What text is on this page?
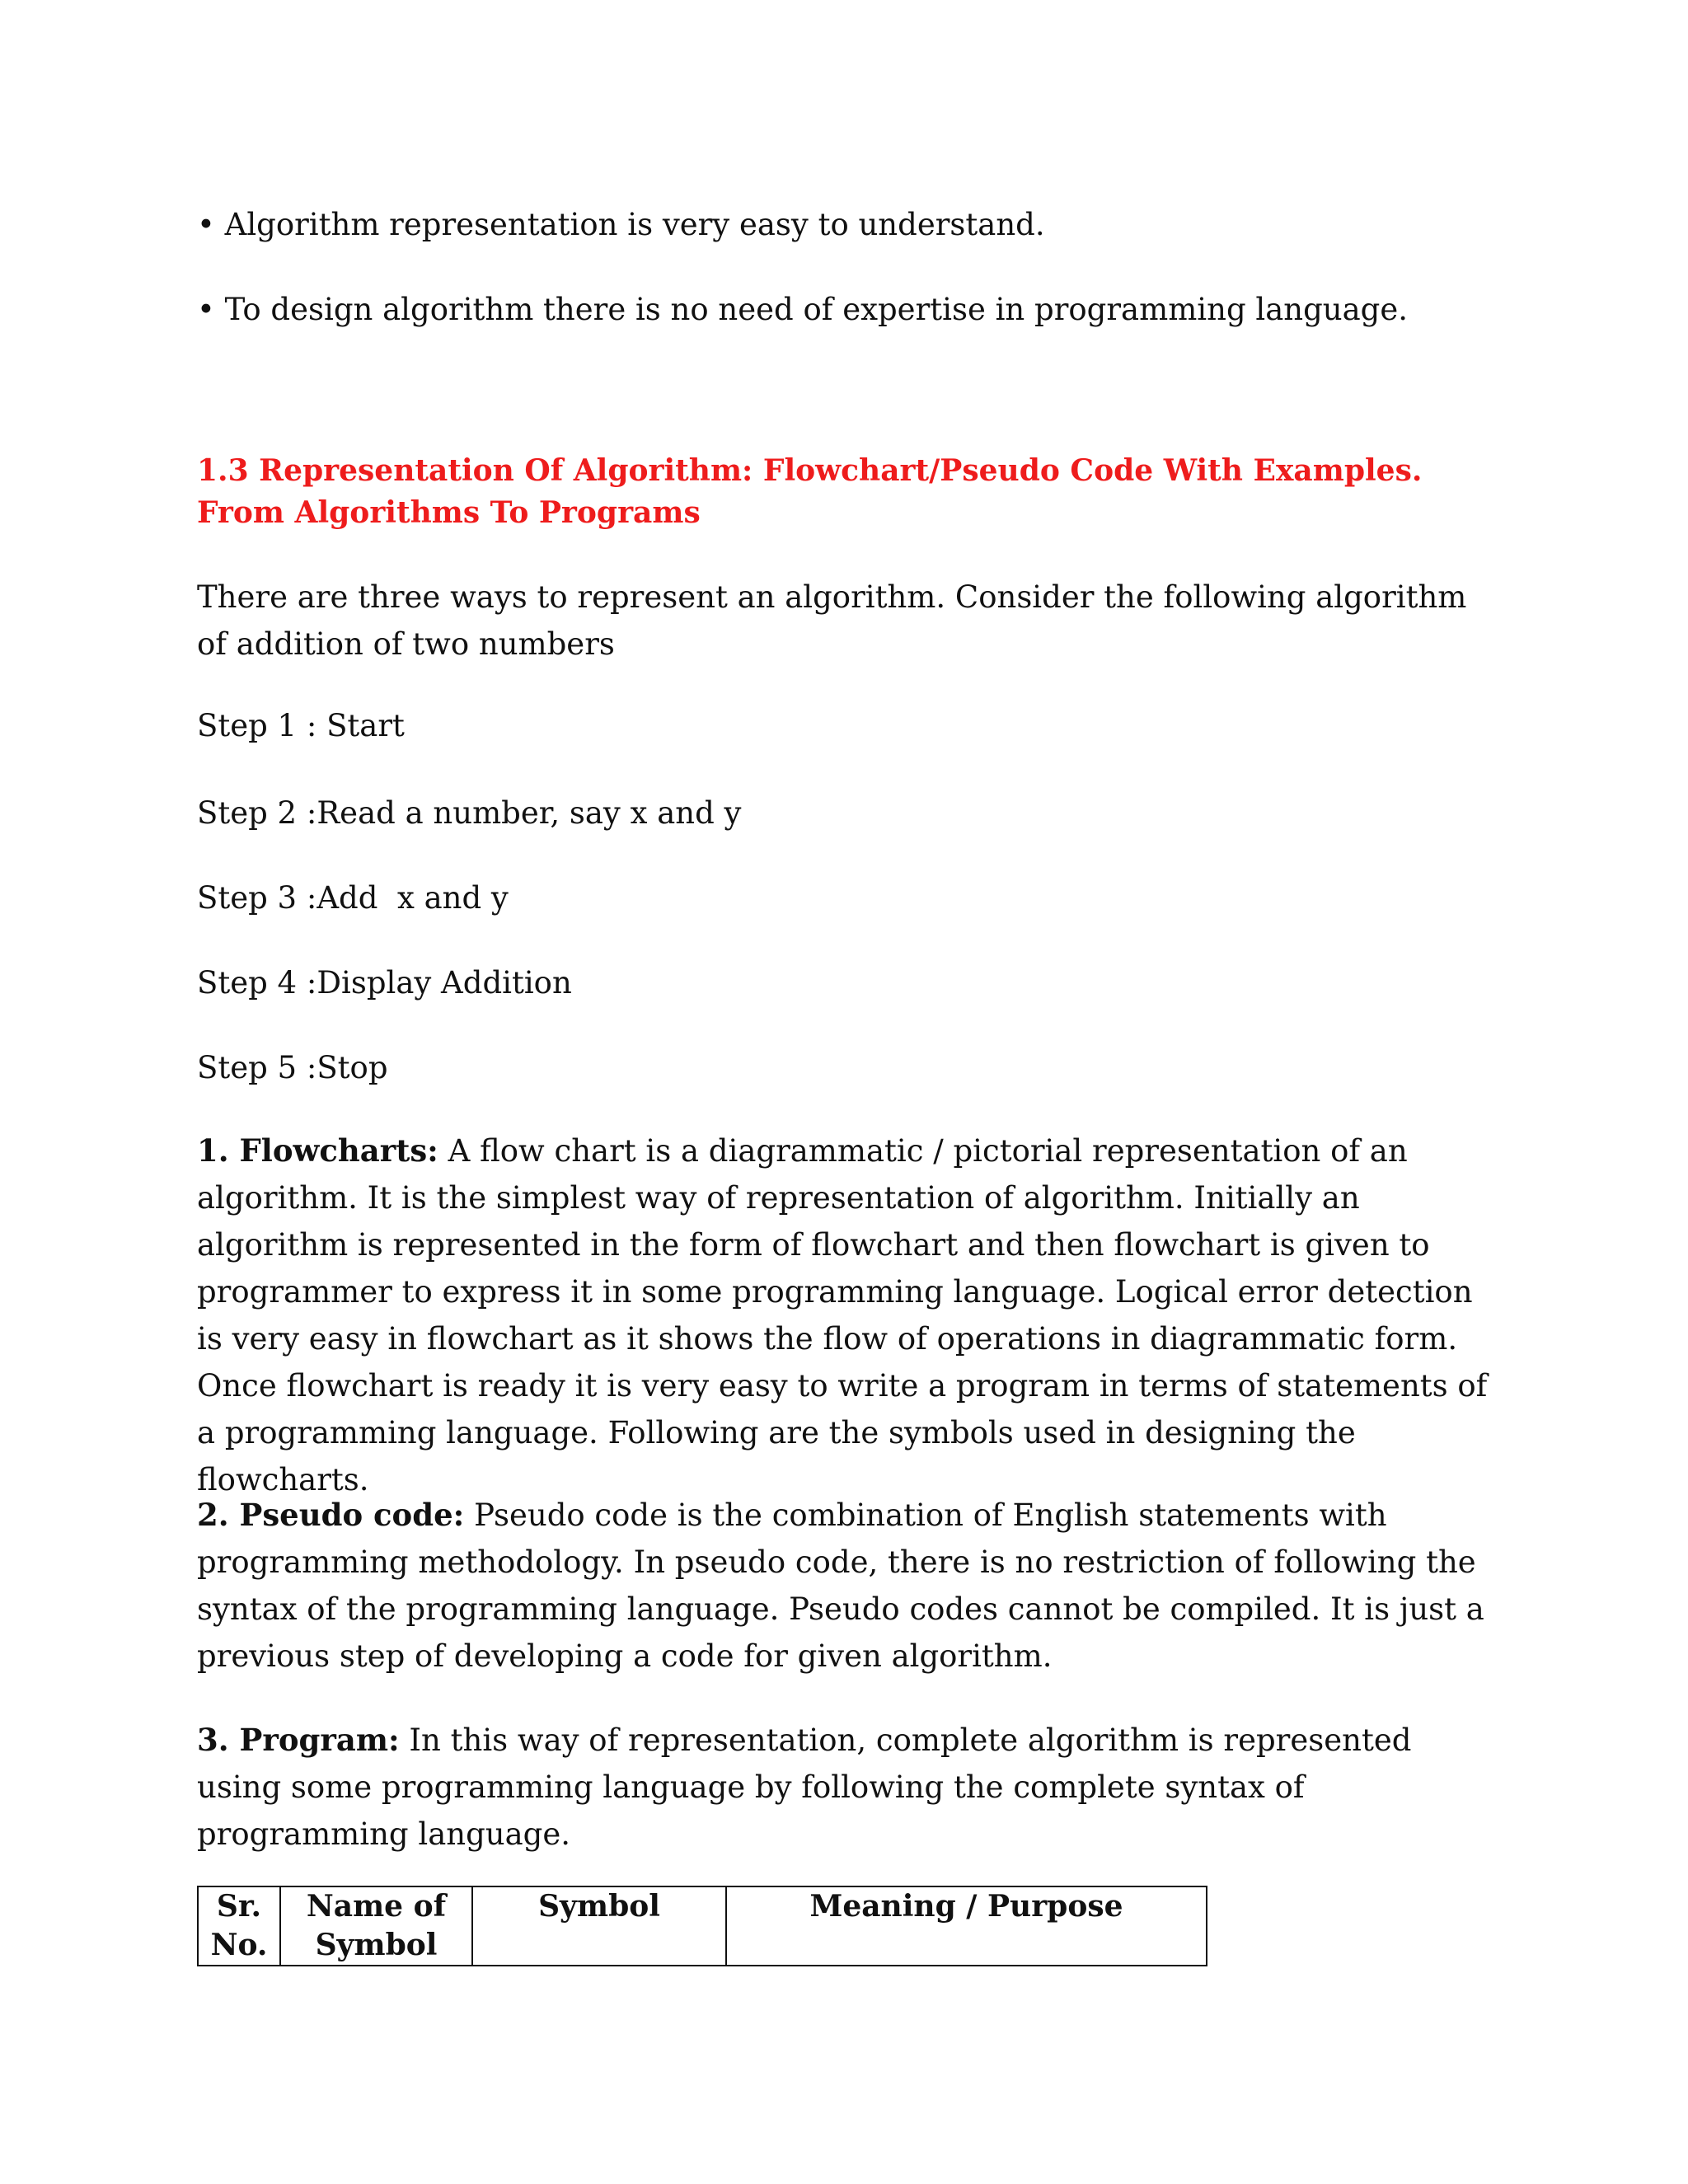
• Algorithm representation is very easy to understand.
• To design algorithm there is no need of expertise in programming language.
1.3 Representation Of Algorithm: Flowchart/Pseudo Code With Examples. From Algorithms To Programs

There are three ways to represent an algorithm. Consider the following algorithm of addition of two numbers

Step 1 : Start
Step 2 :Read a number, say x and y
Step 3 :Add  x and y
Step 4 :Display Addition
Step 5 :Stop

1. Flowcharts: A flow chart is a diagrammatic / pictorial representation of an algorithm. It is the simplest way of representation of algorithm. Initially an algorithm is represented in the form of flowchart and then flowchart is given to programmer to express it in some programming language. Logical error detection is very easy in flowchart as it shows the flow of operations in diagrammatic form. Once flowchart is ready it is very easy to write a program in terms of statements of a programming language. Following are the symbols used in designing the flowcharts.

2. Pseudo code: Pseudo code is the combination of English statements with programming methodology. In pseudo code, there is no restriction of following the syntax of the programming language. Pseudo codes cannot be compiled. It is just a previous step of developing a code for given algorithm.

3. Program: In this way of representation, complete algorithm is represented using some programming language by following the complete syntax of programming language.

Sr. No.	Name of Symbol	Symbol	Meaning / Purpose
